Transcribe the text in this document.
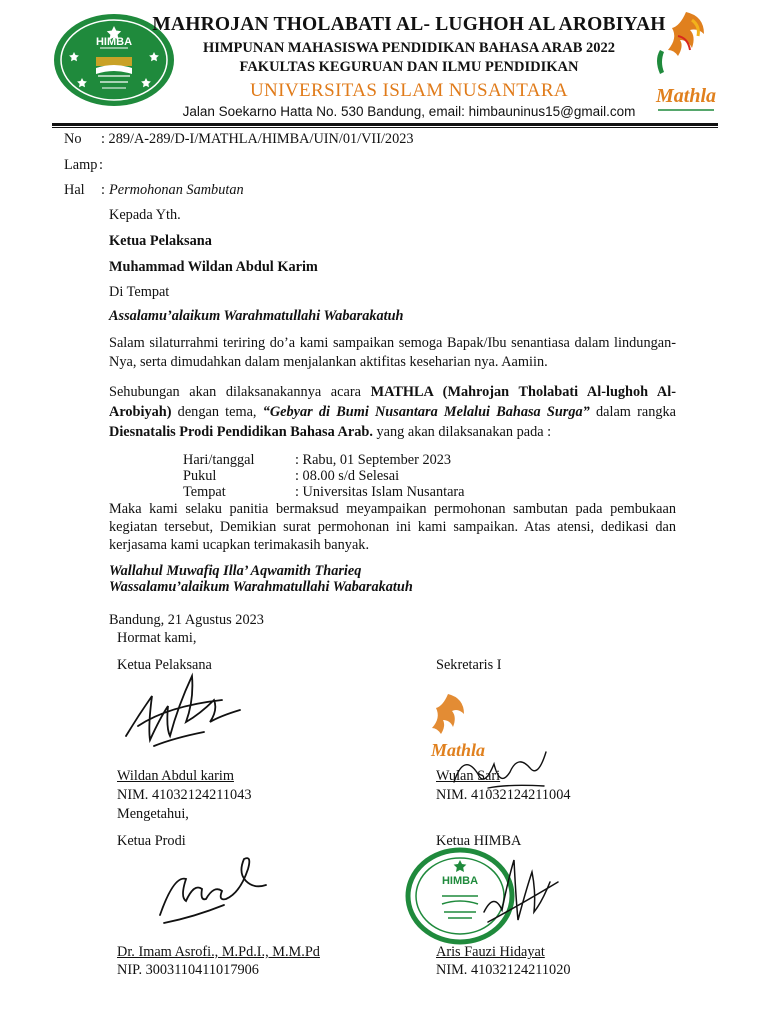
HIMBA
MAHROJAN THOLABATI AL- LUGHOH AL AROBIYAH
HIMPUNAN MAHASISWA PENDIDIKAN BAHASA ARAB 2022
FAKULTAS KEGURUAN DAN ILMU PENDIDIKAN
UNIVERSITAS ISLAM NUSANTARA
Jalan Soekarno Hatta No. 530 Bandung, email: himbauninus15@gmail.com
Mathla
No : 289/A-289/D-I/MATHLA/HIMBA/UIN/01/VII/2023
Lamp :
Hal : Permohonan Sambutan
Kepada Yth.
Ketua Pelaksana
Muhammad Wildan Abdul Karim
Di Tempat
Assalamu’alaikum Warahmatullahi Wabarakatuh
Salam silaturrahmi teriring do’a kami sampaikan semoga Bapak/Ibu senantiasa dalam lindungan-Nya, serta dimudahkan dalam menjalankan aktifitas keseharian nya. Aamiin.
Sehubungan akan dilaksanakannya acara MATHLA (Mahrojan Tholabati Al-lughoh Al-Arobiyah) dengan tema, “Gebyar di Bumi Nusantara Melalui Bahasa Surga” dalam rangka Diesnatalis Prodi Pendidikan Bahasa Arab. yang akan dilaksanakan pada :
Hari/tanggal	: Rabu, 01 September 2023
Pukul	: 08.00 s/d Selesai
Tempat	: Universitas Islam Nusantara
Maka kami selaku panitia bermaksud meyampaikan permohonan sambutan pada pembukaan kegiatan tersebut, Demikian surat permohonan ini kami sampaikan. Atas atensi, dedikasi dan kerjasama kami ucapkan terimakasih banyak.
Wallahul Muwafiq Illa’ Aqwamith Tharieq
Wassalamu’alaikum Warahmatullahi Wabarakatuh
Bandung, 21 Agustus 2023
Hormat kami,
Ketua Pelaksana	Sekretaris I
Mathla
Wildan Abdul karim
NIM. 41032124211043
Wulan Sari
NIM. 41032124211004
Mengetahui,
Ketua Prodi	Ketua HIMBA
HIMBA
Dr. Imam Asrofi., M.Pd.I., M.M.Pd
NIP. 3003110411017906
Aris Fauzi Hidayat
NIM. 41032124211020
